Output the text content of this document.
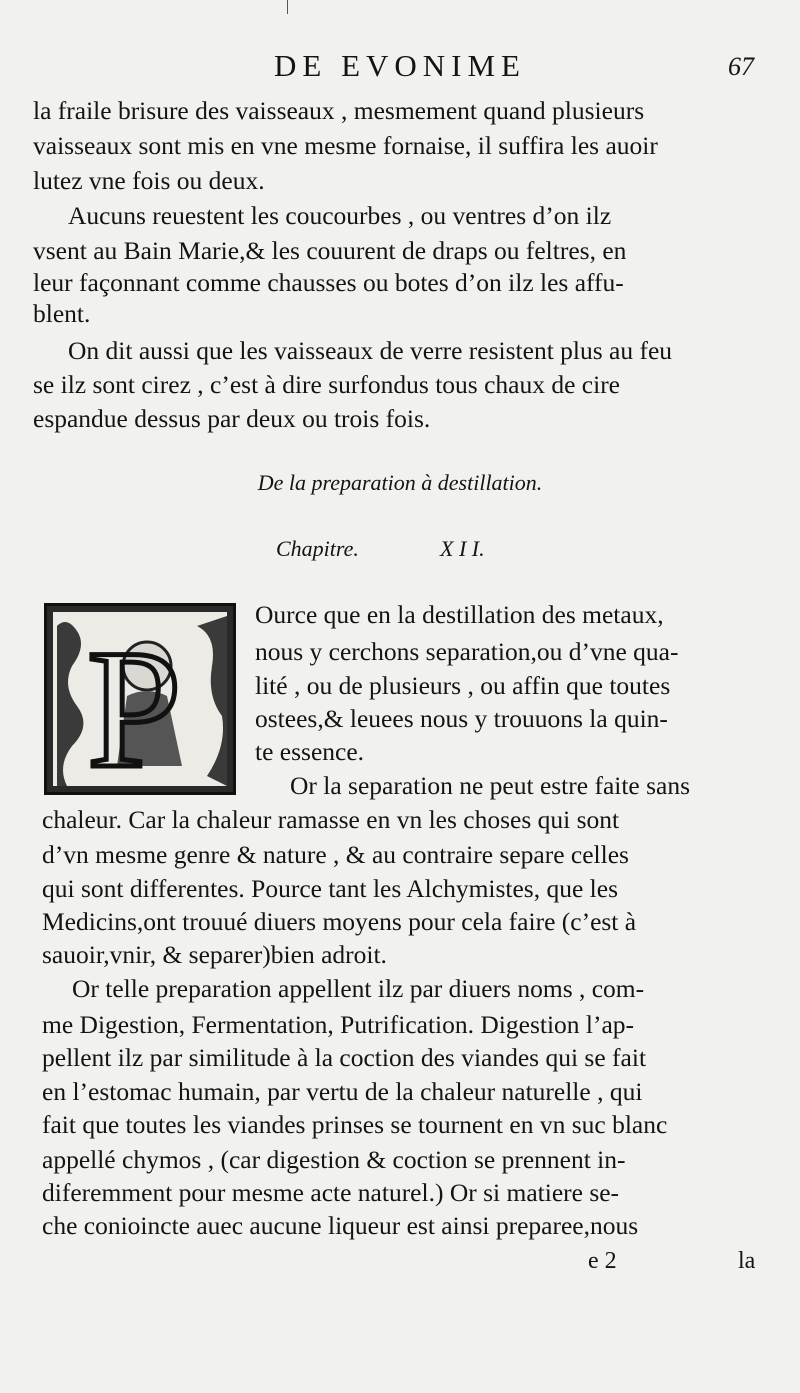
DE EVONIME	67
la fraile brisure des vaisseaux , mesmement quand plusieurs
vaisseaux sont mis en vne mesme fornaise, il suffira les auoir
lutez vne fois ou deux.
Aucuns reuestent les coucourbes , ou ventres d’on ilz
vsent au Bain Marie,& les couurent de draps ou feltres, en
leur façonnant comme chausses ou botes d’on ilz les affu-
blent.
On dit aussi que les vaisseaux de verre resistent plus au feu
se ilz sont cirez , c’est à dire surfondus tous chaux de cire
espandue dessus par deux ou trois fois.
De la preparation à destillation.
Chapitre.	X I I.
P
Ource que en la destillation des metaux,
nous y cerchons separation,ou d’vne qua-
lité , ou de plusieurs , ou affin que toutes
ostees,& leuees nous y trouuons la quin-
te essence.
Or la separation ne peut estre faite sans
chaleur. Car la chaleur ramasse en vn les choses qui sont
d’vn mesme genre & nature , & au contraire separe celles
qui sont differentes. Pource tant les Alchymistes, que les
Medicins,ont trouué diuers moyens pour cela faire (c’est à
sauoir,vnir, & separer)bien adroit.
Or telle preparation appellent ilz par diuers noms , com-
me Digestion, Fermentation, Putrification. Digestion l’ap-
pellent ilz par similitude à la coction des viandes qui se fait
en l’estomac humain, par vertu de la chaleur naturelle , qui
fait que toutes les viandes prinses se tournent en vn suc blanc
appellé chymos , (car digestion & coction se prennent in-
diferemment pour mesme acte naturel.) Or si matiere se-
che conioincte auec aucune liqueur est ainsi preparee,nous
e 2	la
